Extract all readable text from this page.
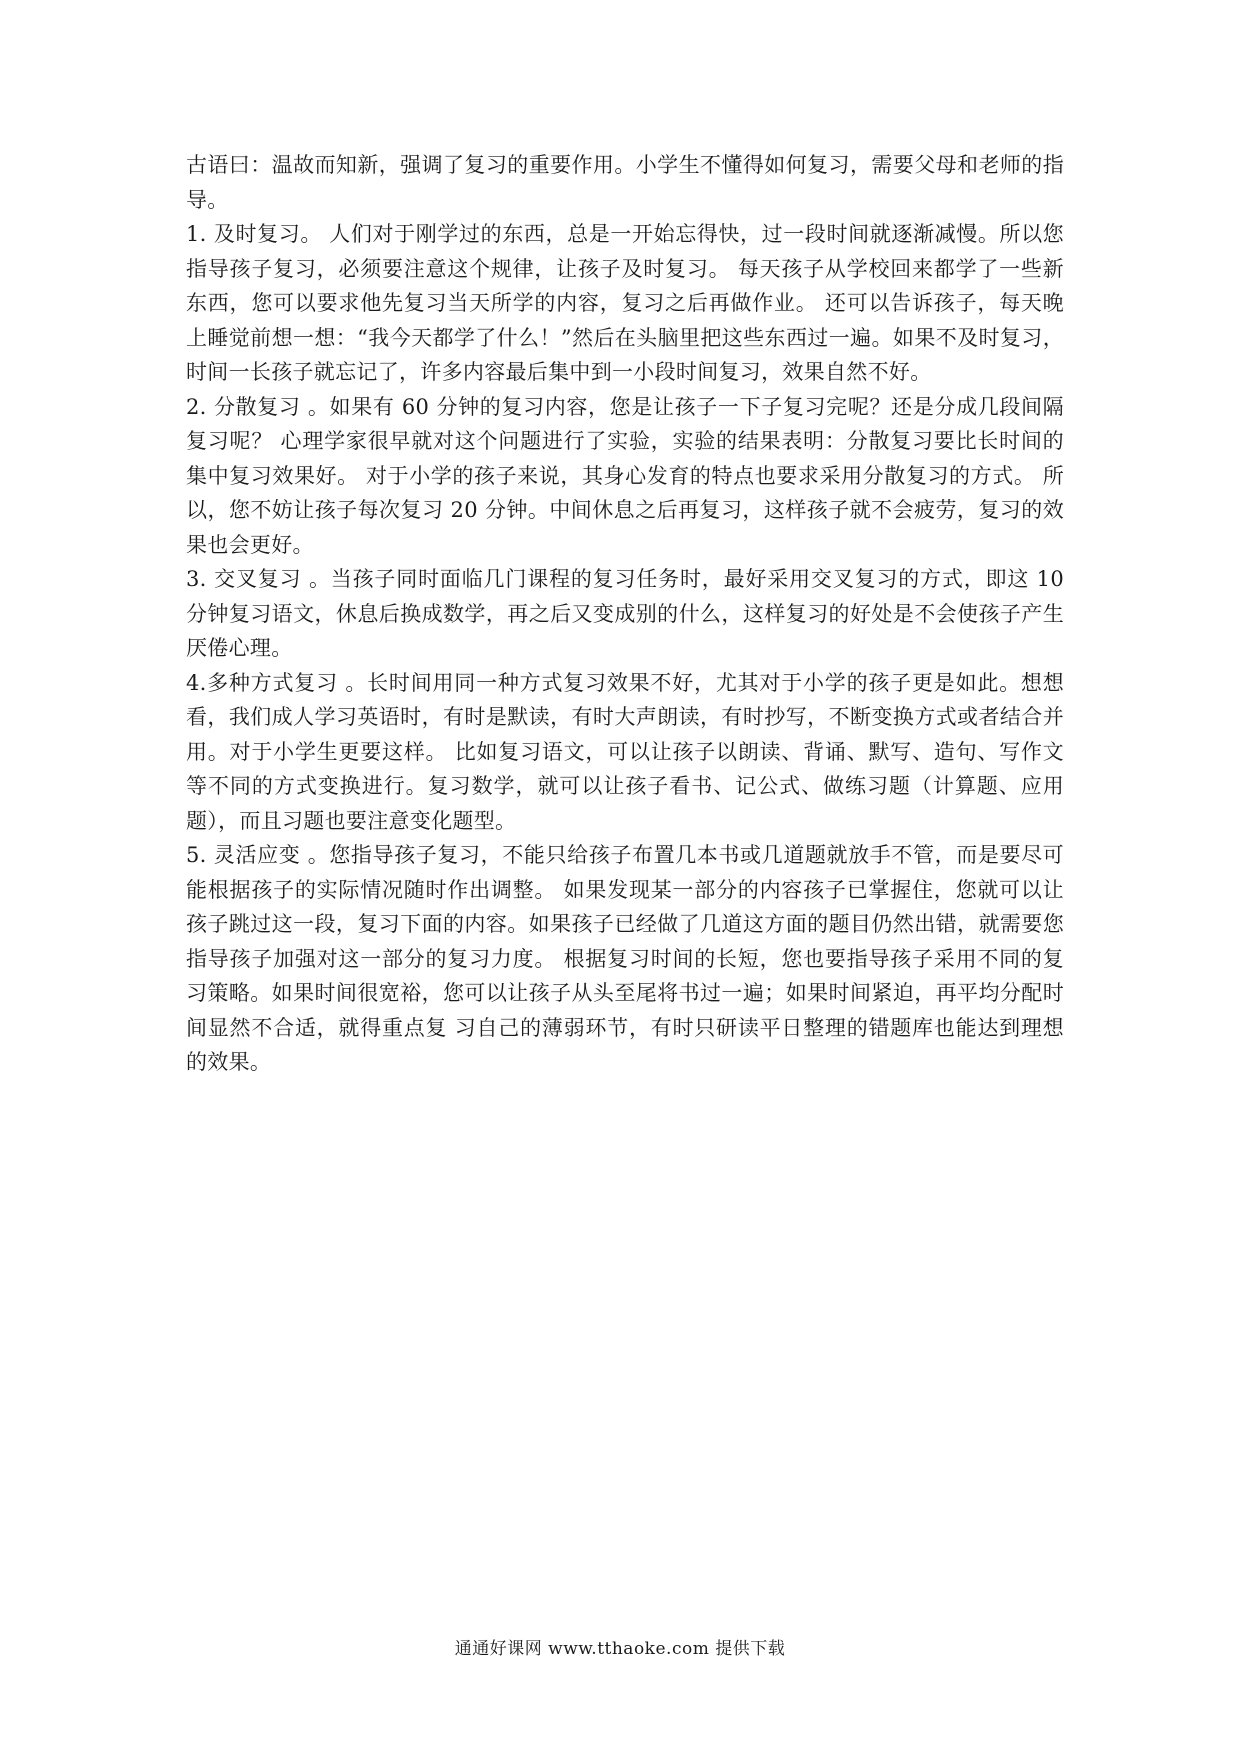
古语曰：温故而知新，强调了复习的重要作用。小学生不懂得如何复习，需要父母和老师的指导。

1. 及时复习。 人们对于刚学过的东西，总是一开始忘得快，过一段时间就逐渐减慢。所以您指导孩子复习，必须要注意这个规律，让孩子及时复习。 每天孩子从学校回来都学了一些新东西，您可以要求他先复习当天所学的内容，复习之后再做作业。 还可以告诉孩子，每天晚上睡觉前想一想：“我今天都学了什么！”然后在头脑里把这些东西过一遍。如果不及时复习，时间一长孩子就忘记了，许多内容最后集中到一小段时间复习，效果自然不好。

2. 分散复习 。如果有 60 分钟的复习内容，您是让孩子一下子复习完呢？还是分成几段间隔复习呢？ 心理学家很早就对这个问题进行了实验，实验的结果表明：分散复习要比长时间的集中复习效果好。 对于小学的孩子来说，其身心发育的特点也要求采用分散复习的方式。 所以，您不妨让孩子每次复习 20 分钟。中间休息之后再复习，这样孩子就不会疲劳，复习的效果也会更好。

3. 交叉复习 。当孩子同时面临几门课程的复习任务时，最好采用交叉复习的方式，即这 10 分钟复习语文，休息后换成数学，再之后又变成别的什么，这样复习的好处是不会使孩子产生厌倦心理。

4.多种方式复习 。长时间用同一种方式复习效果不好，尤其对于小学的孩子更是如此。想想看，我们成人学习英语时，有时是默读，有时大声朗读，有时抄写，不断变换方式或者结合并用。对于小学生更要这样。 比如复习语文，可以让孩子以朗读、背诵、默写、造句、写作文等不同的方式变换进行。复习数学，就可以让孩子看书、记公式、做练习题（计算题、应用题），而且习题也要注意变化题型。

5. 灵活应变 。您指导孩子复习，不能只给孩子布置几本书或几道题就放手不管，而是要尽可能根据孩子的实际情况随时作出调整。 如果发现某一部分的内容孩子已掌握住，您就可以让孩子跳过这一段，复习下面的内容。如果孩子已经做了几道这方面的题目仍然出错，就需要您指导孩子加强对这一部分的复习力度。 根据复习时间的长短，您也要指导孩子采用不同的复习策略。如果时间很宽裕，您可以让孩子从头至尾将书过一遍；如果时间紧迫，再平均分配时间显然不合适，就得重点复 习自己的薄弱环节，有时只研读平日整理的错题库也能达到理想的效果。

通通好课网 www.tthaoke.com 提供下载
